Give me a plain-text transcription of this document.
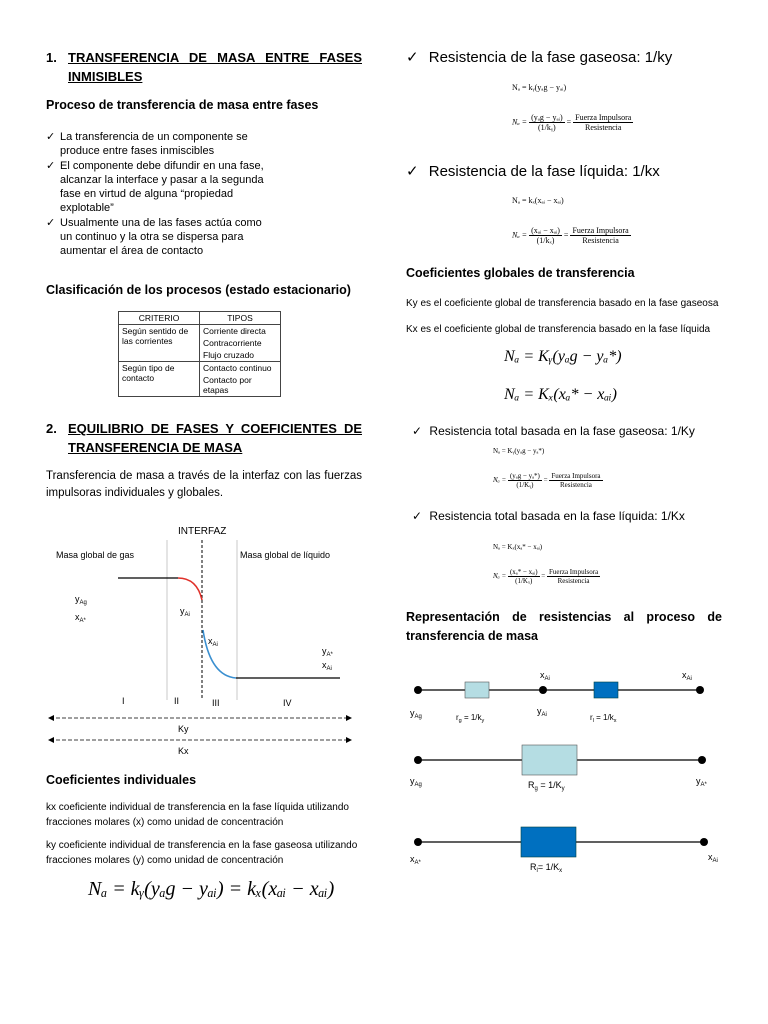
1. TRANSFERENCIA DE MASA ENTRE FASES
INMISIBLES
Proceso de transferencia de masa entre fases
✓ La transferencia de un componente se
produce entre fases inmiscibles
✓ El componente debe difundir en una fase,
alcanzar la interface y pasar a la segunda
fase en virtud de alguna “propiedad
explotable”
✓ Usualmente una de las fases actúa como
un continuo y la otra se dispersa para
aumentar el área de contacto
Clasificación de los procesos (estado estacionario)
CRITERIO	TIPOS
Según sentido de las corrientes	Corriente directa
Contracorriente
Flujo cruzado

Según tipo de contacto	Contacto continuo
Contacto por etapas
2. EQUILIBRIO DE FASES Y COEFICIENTES DE
TRANSFERENCIA DE MASA
Transferencia de masa a través de la interfaz con las fuerzas
impulsoras individuales y globales.
INTERFAZ
Masa global de gas	Masa global de líquido
$y_{Ag}$
$x_{A*}$
$y_{Ai}$
$x_{Ai}$
$y_{A*}$
$x_{Ai}$
I	II	III	IV
Ky
Kx
Coeficientes individuales
kx coeficiente individual de transferencia en la fase líquida utilizando
fracciones molares (x) como unidad de concentración
ky coeficiente individual de transferencia en la fase gaseosa utilizando
fracciones molares (y) como unidad de concentración
Nₐ = kᵧ(yₐg − yₐᵢ) = kₓ(xₐᵢ − xₐᵢ)
✓ Resistencia de la fase gaseosa: 1/ky
Nₐ = kᵧ(yₐg − yₐᵢ)
$N_a = \frac{\text{(yₐg − yₐᵢ)}}{\text{(1/kᵧ)}} = \frac{\text{Fuerza Impulsora}}{\text{Resistencia}}$
✓ Resistencia de la fase líquida: 1/kx
Nₐ = kₓ(xₐᵢ − xₐᵢ)
$N_a = \frac{\text{(xₐᵢ − xₐᵢ)}}{\text{(1/kₓ)}} = \frac{\text{Fuerza Impulsora}}{\text{Resistencia}}$
Coeficientes globales de transferencia
Ky es el coeficiente global de transferencia basado en la fase gaseosa
Kx es el coeficiente global de transferencia basado en la fase líquida
Nₐ = Kᵧ(yₐg − yₐ*)
Nₐ = Kₓ(xₐ* − xₐᵢ)
✓ Resistencia total basada en la fase gaseosa: 1/Ky
Nₐ = Kᵧ(yₐg − yₐ*)
$N_a = \frac{\text{(yₐg − yₐ*)}}{\text{(1/Kᵧ)}} = \frac{\text{Fuerza Impulsora}}{\text{Resistencia}}$
✓ Resistencia total basada en la fase líquida: 1/Kx
Nₐ = Kₓ(xₐ* − xₐᵢ)
$N_a = \frac{\text{(xₐ* − xₐᵢ)}}{\text{(1/Kₓ)}} = \frac{\text{Fuerza Impulsora}}{\text{Resistencia}}$
Representación de resistencias al proceso de
transferencia de masa
$y_{Ag}$
$x_{Ai}$
$y_{Ai}$
$x_{Ai}$
$r_g = 1/k_y$	$r_l = 1/k_x$
$y_{Ag}$	$y_{A*}$
$R_g = 1/K_y$
$x_{A*}$
$x_{Ai}$
$R_l= 1/K_x$
